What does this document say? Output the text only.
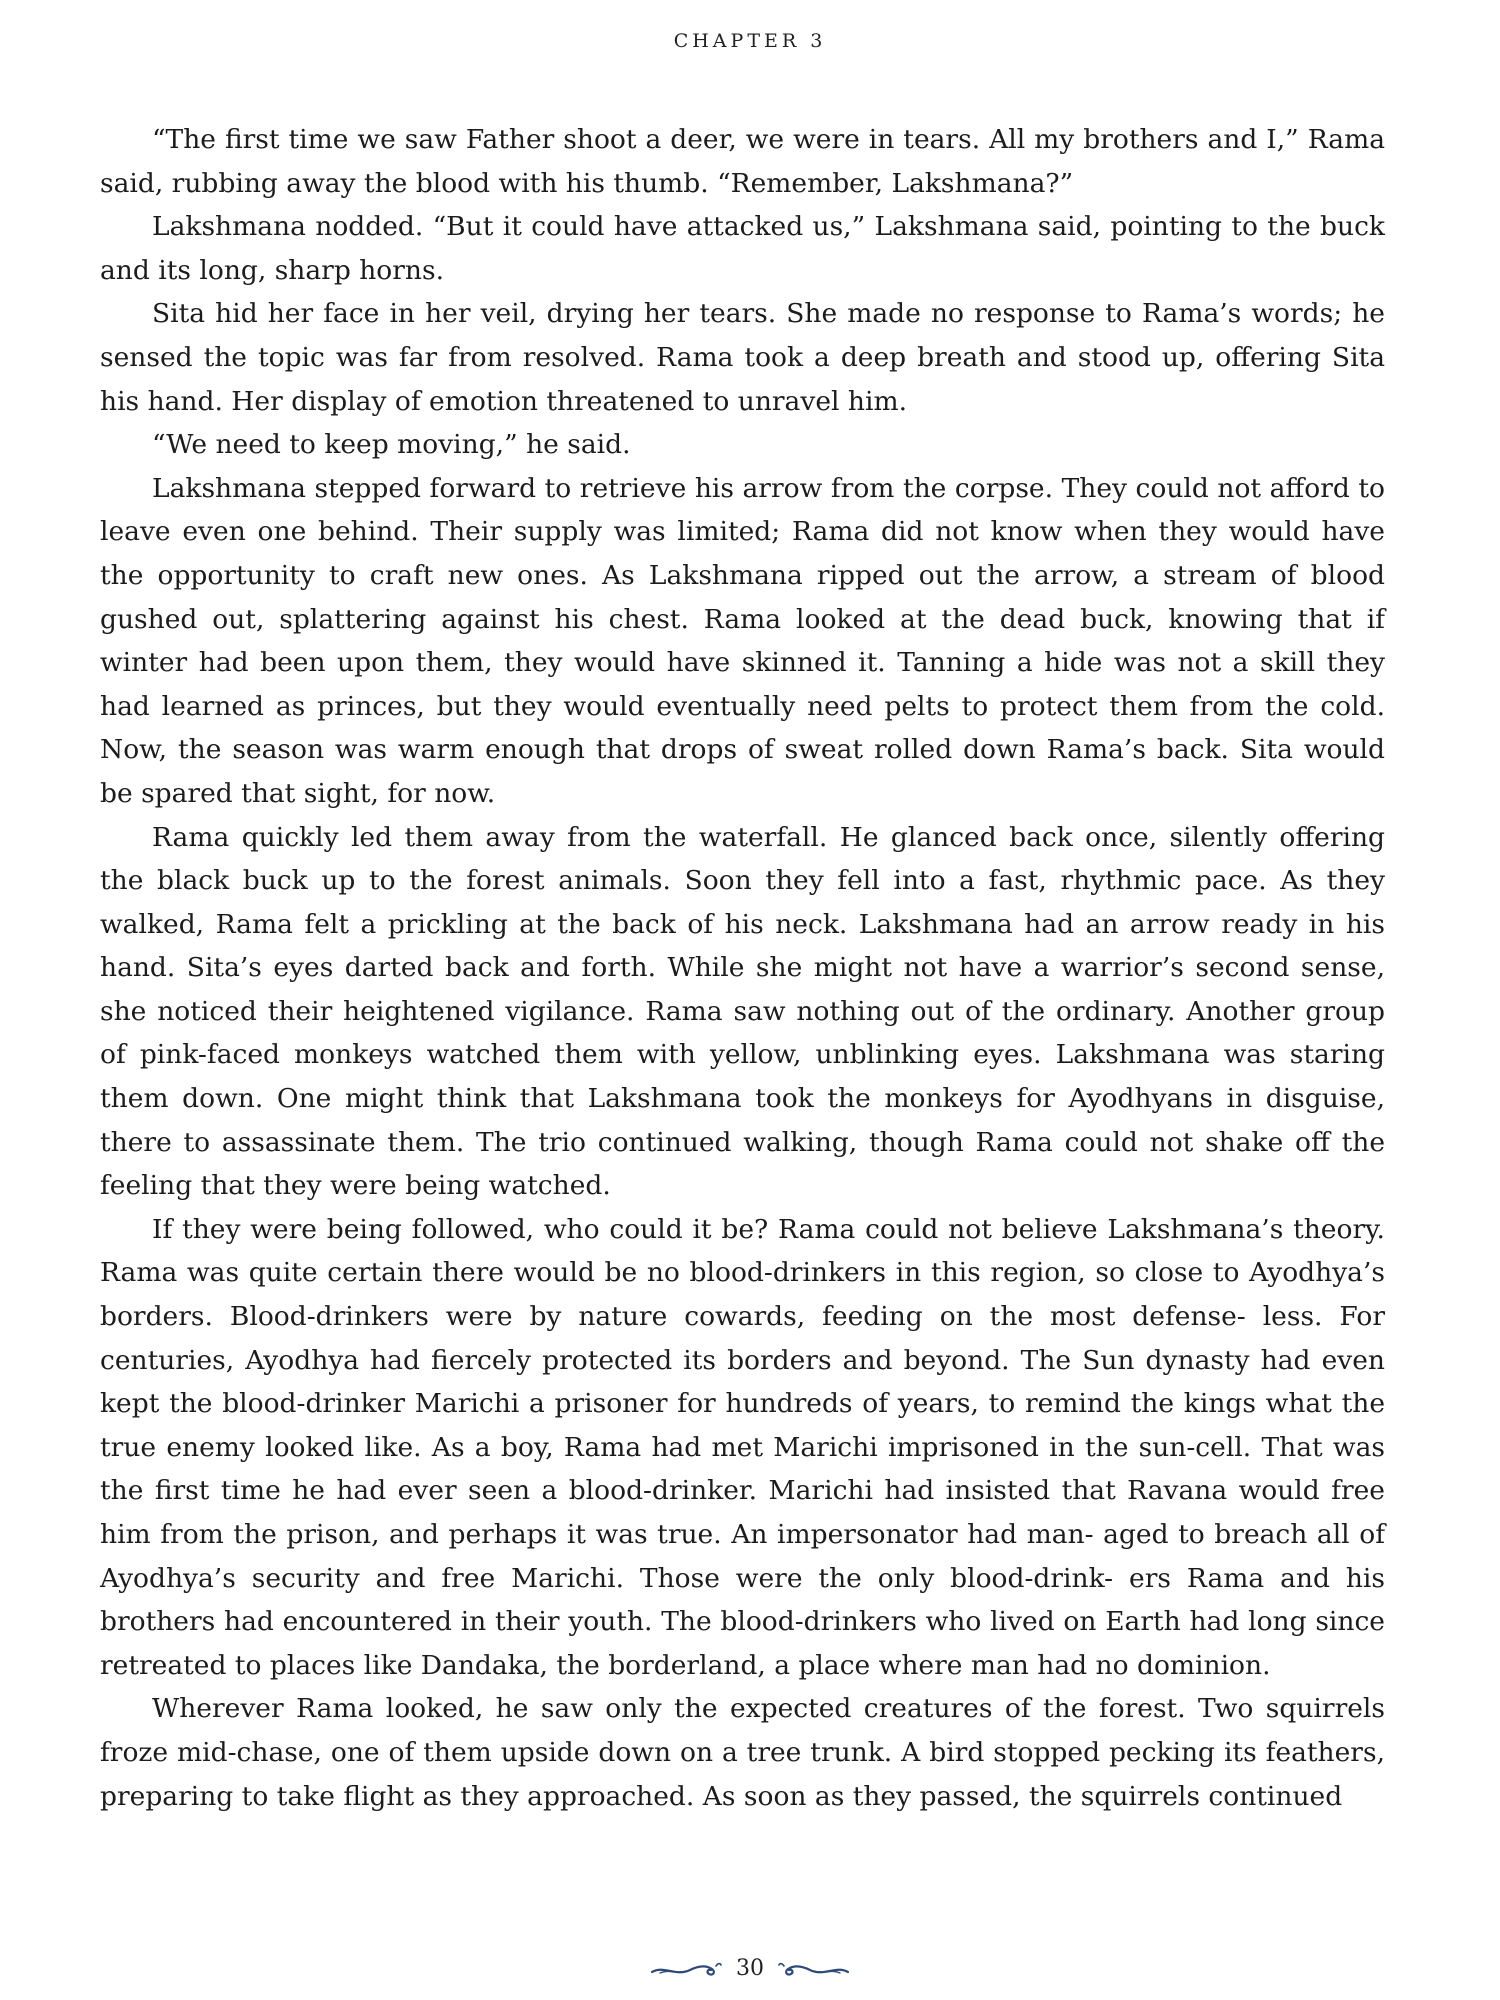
CHAPTER 3

“The first time we saw Father shoot a deer, we were in tears. All my brothers and I,” Rama said, rubbing away the blood with his thumb. “Remember, Lakshmana?”

Lakshmana nodded. “But it could have attacked us,” Lakshmana said, pointing to the buck and its long, sharp horns.

Sita hid her face in her veil, drying her tears. She made no response to Rama’s words; he sensed the topic was far from resolved. Rama took a deep breath and stood up, offering Sita his hand. Her display of emotion threatened to unravel him.

“We need to keep moving,” he said.

Lakshmana stepped forward to retrieve his arrow from the corpse. They could not afford to leave even one behind. Their supply was limited; Rama did not know when they would have the opportunity to craft new ones. As Lakshmana ripped out the arrow, a stream of blood gushed out, splattering against his chest. Rama looked at the dead buck, knowing that if winter had been upon them, they would have skinned it. Tanning a hide was not a skill they had learned as princes, but they would eventually need pelts to protect them from the cold. Now, the season was warm enough that drops of sweat rolled down Rama’s back. Sita would be spared that sight, for now.

Rama quickly led them away from the waterfall. He glanced back once, silently offering the black buck up to the forest animals. Soon they fell into a fast, rhythmic pace. As they walked, Rama felt a prickling at the back of his neck. Lakshmana had an arrow ready in his hand. Sita’s eyes darted back and forth. While she might not have a warrior’s second sense, she noticed their heightened vigilance. Rama saw nothing out of the ordinary. Another group of pink-faced monkeys watched them with yellow, unblinking eyes. Lakshmana was staring them down. One might think that Lakshmana took the monkeys for Ayodhyans in disguise, there to assassinate them. The trio continued walking, though Rama could not shake off the feeling that they were being watched.

If they were being followed, who could it be? Rama could not believe Lakshmana’s theory. Rama was quite certain there would be no blood-drinkers in this region, so close to Ayodhya’s borders. Blood-drinkers were by nature cowards, feeding on the most defense- less. For centuries, Ayodhya had fiercely protected its borders and beyond. The Sun dynasty had even kept the blood-drinker Marichi a prisoner for hundreds of years, to remind the kings what the true enemy looked like. As a boy, Rama had met Marichi imprisoned in the sun-cell. That was the first time he had ever seen a blood-drinker. Marichi had insisted that Ravana would free him from the prison, and perhaps it was true. An impersonator had man- aged to breach all of Ayodhya’s security and free Marichi. Those were the only blood-drink- ers Rama and his brothers had encountered in their youth. The blood-drinkers who lived on Earth had long since retreated to places like Dandaka, the borderland, a place where man had no dominion.

Wherever Rama looked, he saw only the expected creatures of the forest. Two squirrels froze mid-chase, one of them upside down on a tree trunk. A bird stopped pecking its feathers, preparing to take flight as they approached. As soon as they passed, the squirrels continued

30
